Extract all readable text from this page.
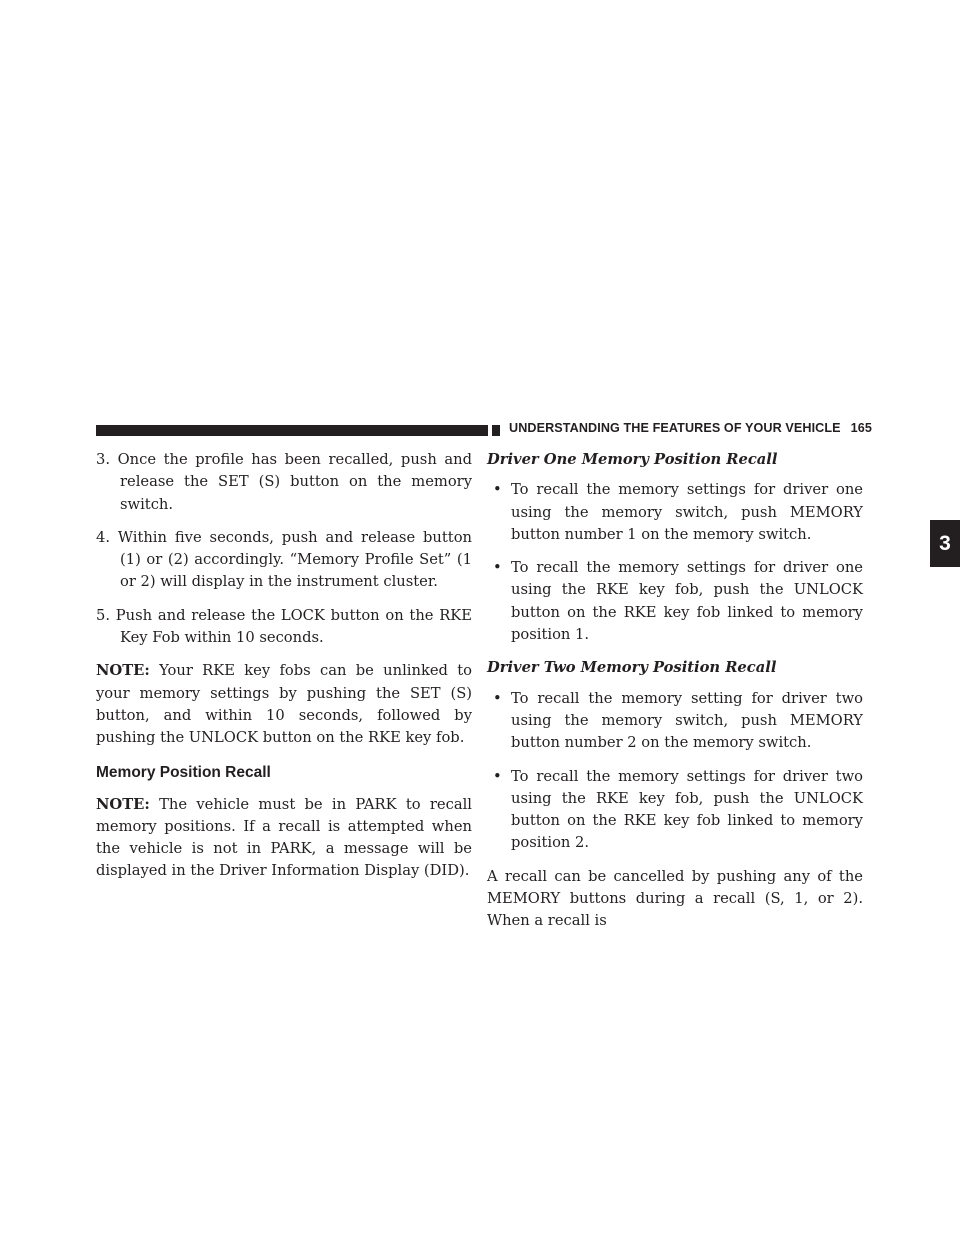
UNDERSTANDING THE FEATURES OF YOUR VEHICLE 165
3

3. Once the profile has been recalled, push and release the SET (S) button on the memory switch.

4. Within five seconds, push and release button (1) or (2) accordingly. “Memory Profile Set” (1 or 2) will display in the instrument cluster.

5. Push and release the LOCK button on the RKE Key Fob within 10 seconds.

NOTE: Your RKE key fobs can be unlinked to your memory settings by pushing the SET (S) button, and within 10 seconds, followed by pushing the UNLOCK button on the RKE key fob.

Memory Position Recall

NOTE: The vehicle must be in PARK to recall memory positions. If a recall is attempted when the vehicle is not in PARK, a message will be displayed in the Driver Information Display (DID).

Driver One Memory Position Recall

• To recall the memory settings for driver one using the memory switch, push MEMORY button number 1 on the memory switch.

• To recall the memory settings for driver one using the RKE key fob, push the UNLOCK button on the RKE key fob linked to memory position 1.

Driver Two Memory Position Recall

• To recall the memory setting for driver two using the memory switch, push MEMORY button number 2 on the memory switch.

• To recall the memory settings for driver two using the RKE key fob, push the UNLOCK button on the RKE key fob linked to memory position 2.

A recall can be cancelled by pushing any of the MEMORY buttons during a recall (S, 1, or 2). When a recall is
